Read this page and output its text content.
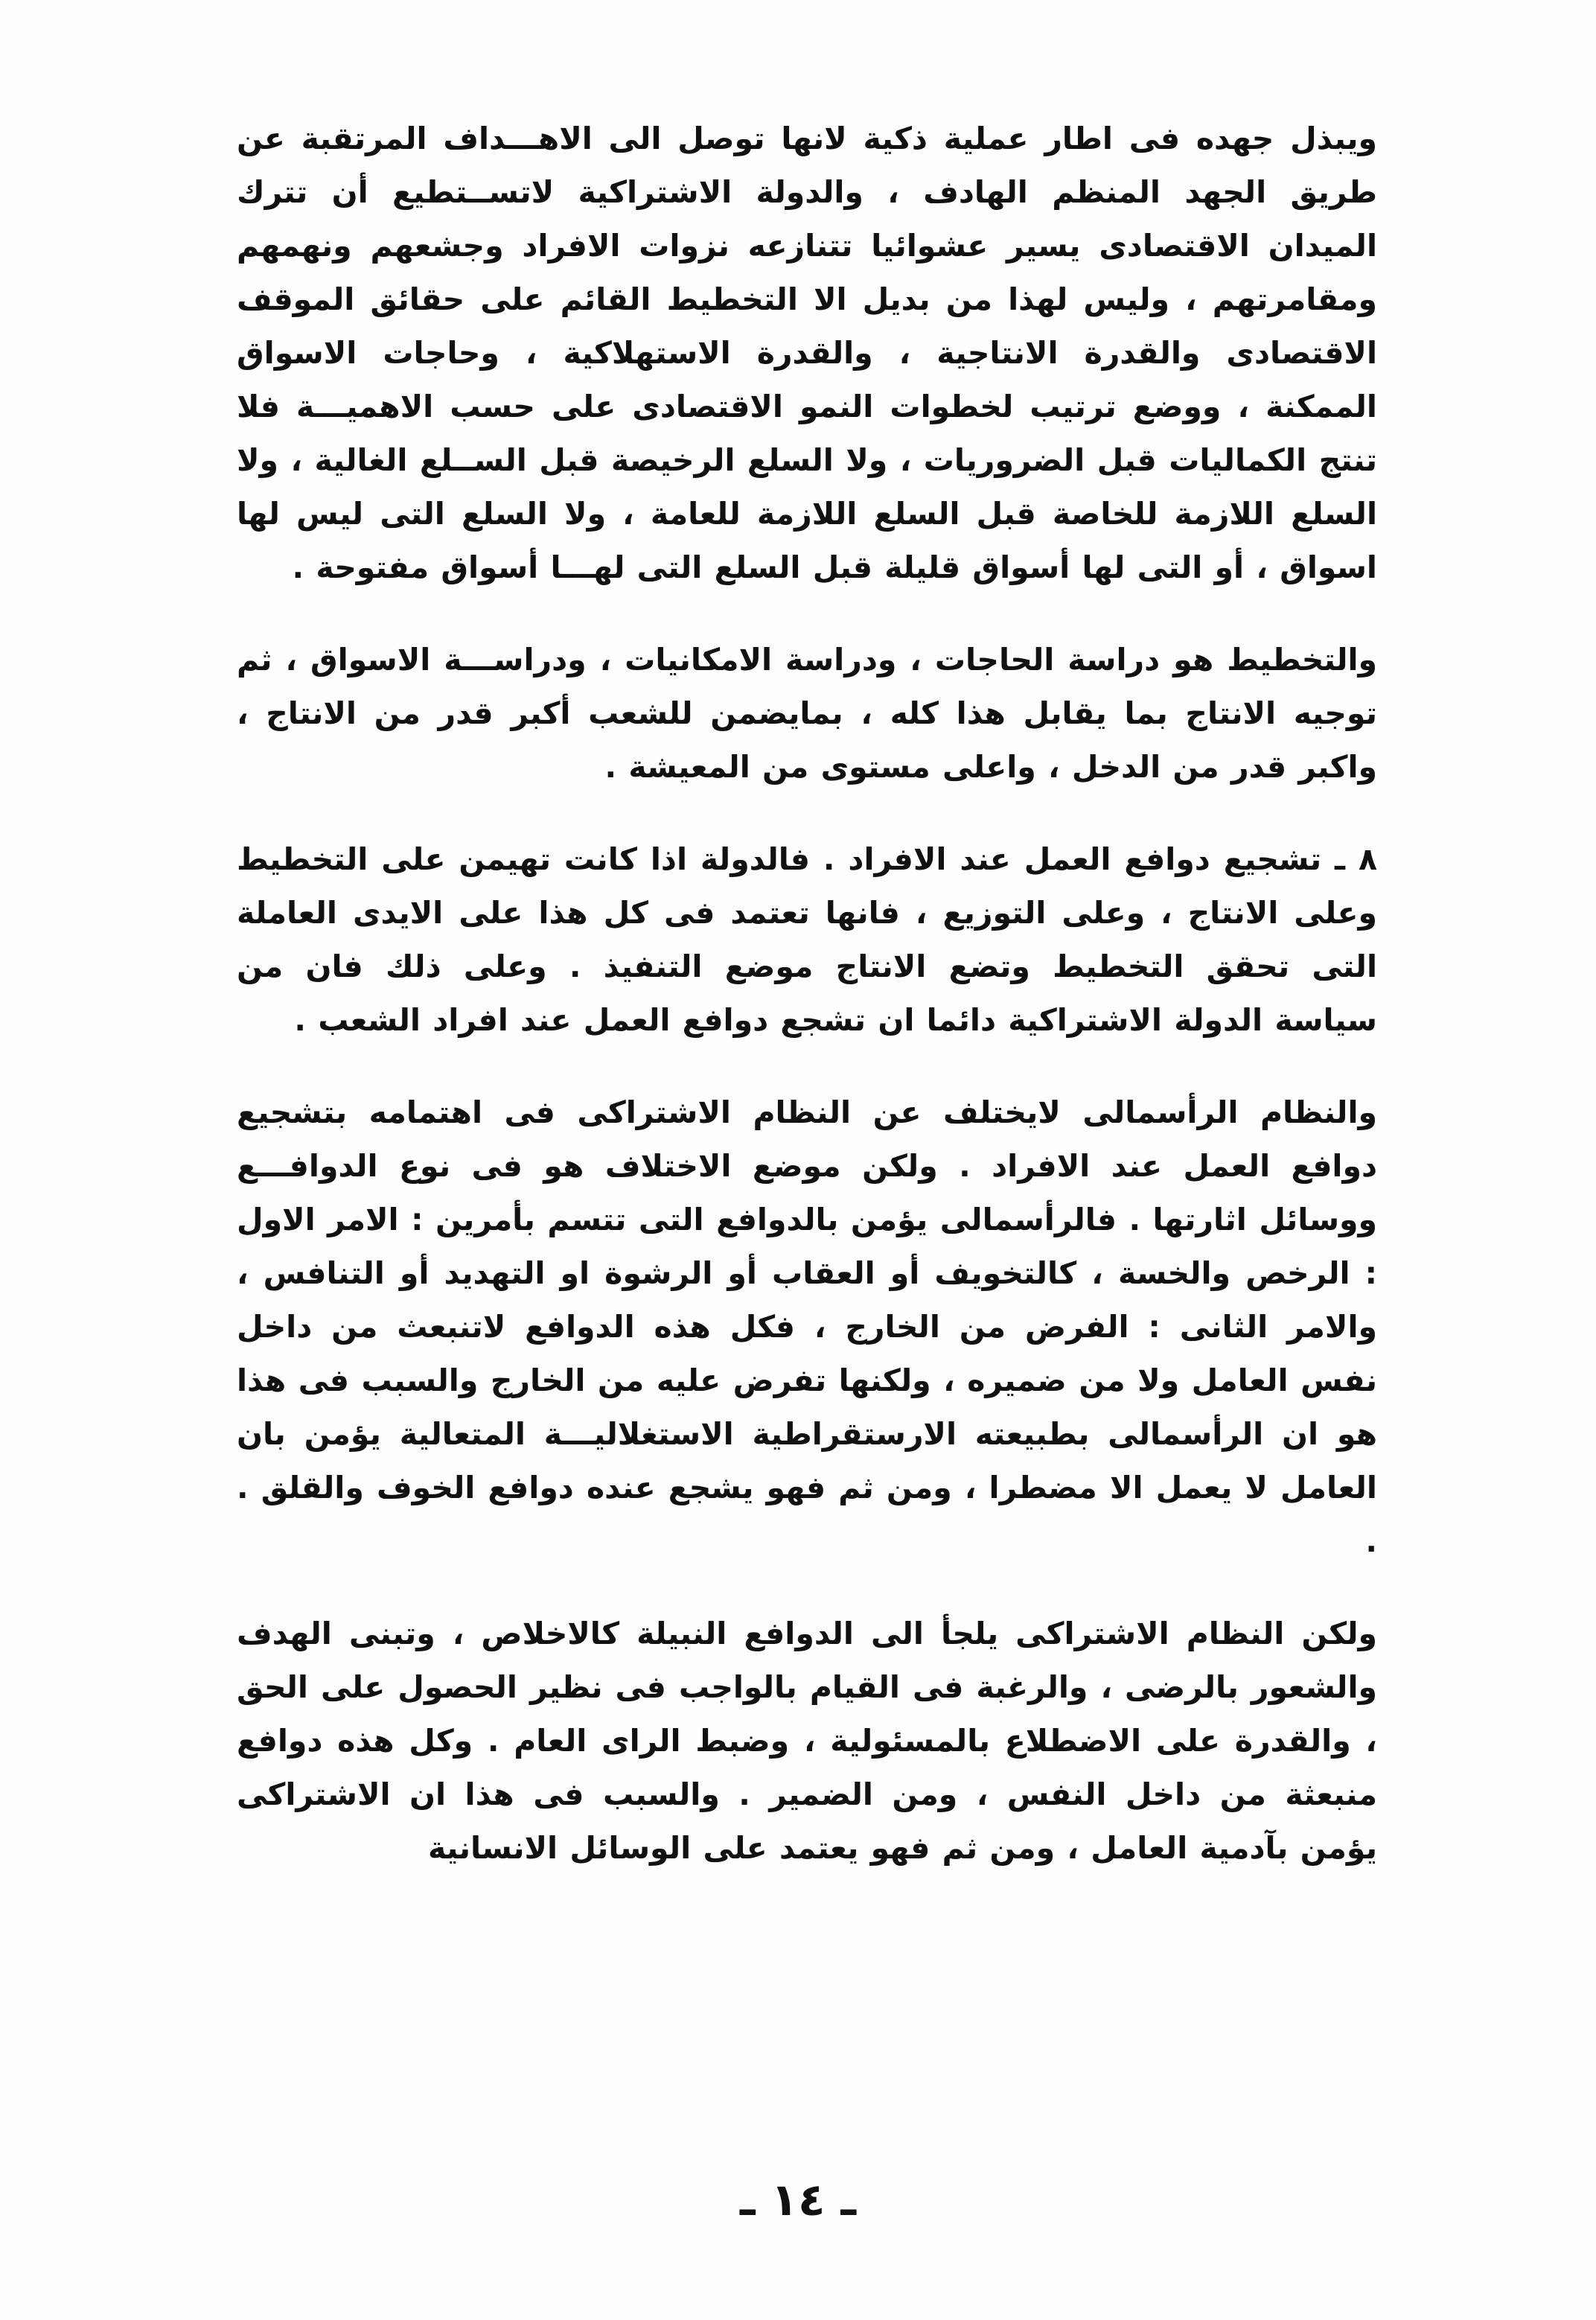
ويبذل جهده فى اطار عملية ذكية لانها توصل الى الاهـــداف المرتقبة عن طريق الجهد المنظم الهادف ، والدولة الاشتراكية لاتســتطيع أن تترك الميدان الاقتصادى يسير عشوائيا تتنازعه نزوات الافراد وجشعهم ونهمهم ومقامرتهم ، وليس لهذا من بديل الا التخطيط القائم على حقائق الموقف الاقتصادى والقدرة الانتاجية ، والقدرة الاستهلاكية ، وحاجات الاسواق الممكنة ، ووضع ترتيب لخطوات النمو الاقتصادى على حسب الاهميـــة فلا تنتج الكماليات قبل الضروريات ، ولا السلع الرخيصة قبل الســلع الغالية ، ولا السلع اللازمة للخاصة قبل السلع اللازمة للعامة ، ولا السلع التى ليس لها اسواق ، أو التى لها أسواق قليلة قبل السلع التى لهـــا أسواق مفتوحة .

والتخطيط هو دراسة الحاجات ، ودراسة الامكانيات ، ودراســـة الاسواق ، ثم توجيه الانتاج بما يقابل هذا كله ، بمايضمن للشعب أكبر قدر من الانتاج ، واكبر قدر من الدخل ، واعلى مستوى من المعيشة .

٨ ـ تشجيع دوافع العمل عند الافراد . فالدولة اذا كانت تهيمن على التخطيط وعلى الانتاج ، وعلى التوزيع ، فانها تعتمد فى كل هذا على الايدى العاملة التى تحقق التخطيط وتضع الانتاج موضع التنفيذ . وعلى ذلك فان من سياسة الدولة الاشتراكية دائما ان تشجع دوافع العمل عند افراد الشعب .

والنظام الرأسمالى لايختلف عن النظام الاشتراكى فى اهتمامه بتشجيع دوافع العمل عند الافراد . ولكن موضع الاختلاف هو فى نوع الدوافـــع ووسائل اثارتها . فالرأسمالى يؤمن بالدوافع التى تتسم بأمرين : الامر الاول : الرخص والخسة ، كالتخويف أو العقاب أو الرشوة او التهديد أو التنافس ، والامر الثانى : الفرض من الخارج ، فكل هذه الدوافع لاتنبعث من داخل نفس العامل ولا من ضميره ، ولكنها تفرض عليه من الخارج والسبب فى هذا هو ان الرأسمالى بطبيعته الارستقراطية الاستغلاليـــة المتعالية يؤمن بان العامل لا يعمل الا مضطرا ، ومن ثم فهو يشجع عنده دوافع الخوف والقلق . .

ولكن النظام الاشتراكى يلجأ الى الدوافع النبيلة كالاخلاص ، وتبنى الهدف والشعور بالرضى ، والرغبة فى القيام بالواجب فى نظير الحصول على الحق ، والقدرة على الاضطلاع بالمسئولية ، وضبط الراى العام . وكل هذه دوافع منبعثة من داخل النفس ، ومن الضمير . والسبب فى هذا ان الاشتراكى يؤمن بآدمية العامل ، ومن ثم فهو يعتمد على الوسائل الانسانية

ـ ١٤ ـ
